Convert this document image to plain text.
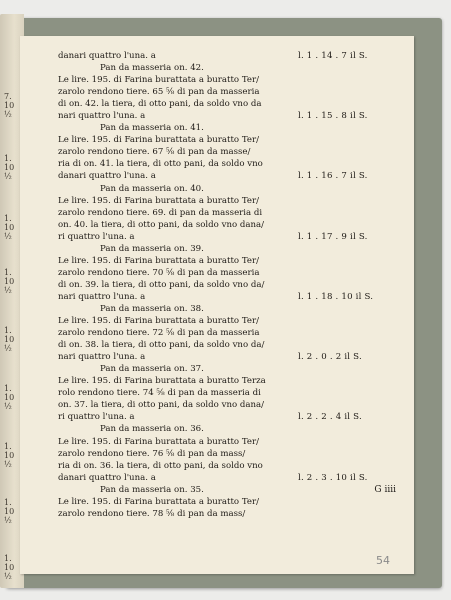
7. 10 ½
1. 10 ½
1. 10 ½
1. 10 ½
1. 10 ½
1. 10 ½
1. 10 ½
1. 10 ½
1. 10 ½
danari quattro l'una. a	l. 1 . 14 . 7 il S.
Pan da masseria on. 42.
Le lire. 195. di Farina burattata a buratto Ter/
zarolo rendono tiere. 65 ⅝ di pan da masseria
di on. 42. la tiera, di otto pani, da soldo vno da
nari quattro l'una. a	l. 1 . 15 . 8 il S.
Pan da masseria on. 41.
Le lire. 195. di Farina burattata a buratto Ter/
zarolo rendono tiere. 67 ⅝ di pan da masse/
ria di on. 41. la tiera, di otto pani, da soldo vno
danari quattro l'una. a	l. 1 . 16 . 7 il S.
Pan da masseria on. 40.
Le lire. 195. di Farina burattata a buratto Ter/
zarolo rendono tiere. 69. di pan da masseria di
on. 40. la tiera, di otto pani, da soldo vno dana/
ri quattro l'una. a	l. 1 . 17 . 9 il S.
Pan da masseria on. 39.
Le lire. 195. di Farina burattata a buratto Ter/
zarolo rendono tiere. 70 ⅝ di pan da masseria
di on. 39. la tiera, di otto pani, da soldo vno da/
nari quattro l'una. a	l. 1 . 18 . 10 il S.
Pan da masseria on. 38.
Le lire. 195. di Farina burattata a buratto Ter/
zarolo rendono tiere. 72 ⅝ di pan da masseria
di on. 38. la tiera, di otto pani, da soldo vno da/
nari quattro l'una. a	l. 2 . 0 . 2 il S.
Pan da masseria on. 37.
Le lire. 195. di Farina burattata a buratto Terza
rolo rendono tiere. 74 ⅝ di pan da masseria di
on. 37. la tiera, di otto pani, da soldo vno dana/
ri quattro l'una. a	l. 2 . 2 . 4 il S.
Pan da masseria on. 36.
Le lire. 195. di Farina burattata a buratto Ter/
zarolo rendono tiere. 76 ⅝ di pan da mass/
ria di on. 36. la tiera, di otto pani, da soldo vno
danari quattro l'una. a	l. 2 . 3 . 10 il S.
Pan da masseria on. 35.
Le lire. 195. di Farina burattata a buratto Ter/
zarolo rendono tiere. 78 ⅝ di pan da mass/
G iiii
54
